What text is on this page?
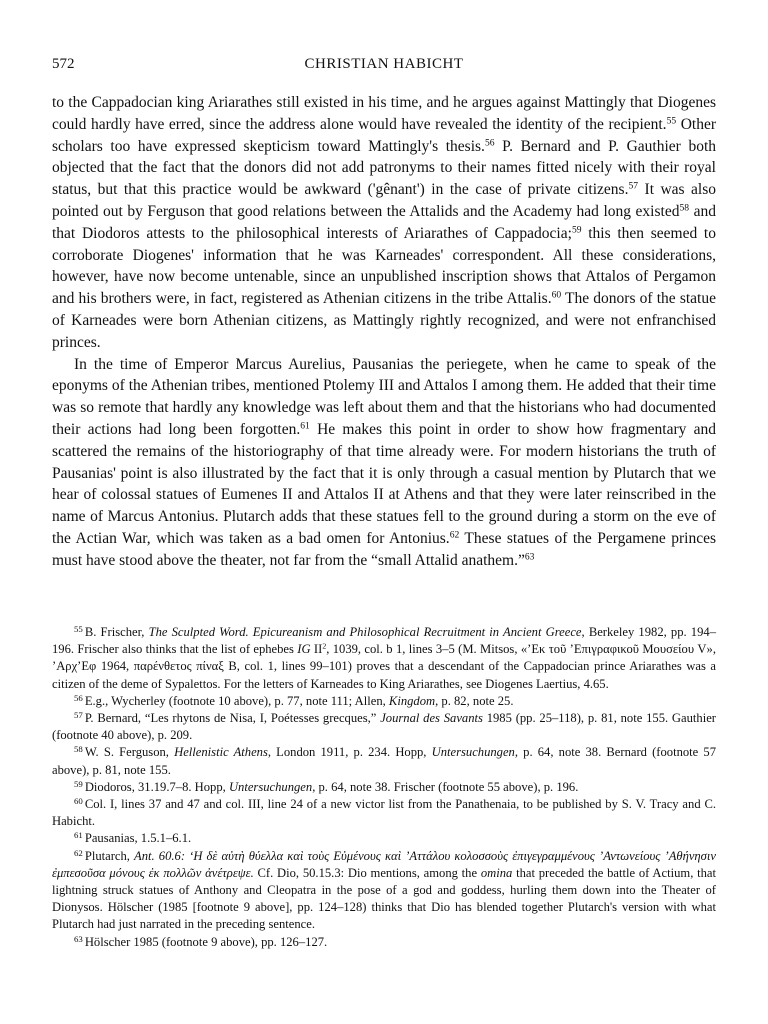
572	CHRISTIAN HABICHT

to the Cappadocian king Ariarathes still existed in his time, and he argues against Mattingly that Diogenes could hardly have erred, since the address alone would have revealed the identity of the recipient.$^{55}$ Other scholars too have expressed skepticism toward Mattingly's thesis.$^{56}$ P. Bernard and P. Gauthier both objected that the fact that the donors did not add patronyms to their names fitted nicely with their royal status, but that this practice would be awkward ('gênant') in the case of private citizens.$^{57}$ It was also pointed out by Ferguson that good relations between the Attalids and the Academy had long existed$^{58}$ and that Diodoros attests to the philosophical interests of Ariarathes of Cappadocia;$^{59}$ this then seemed to corroborate Diogenes' information that he was Karneades' correspondent. All these considerations, however, have now become untenable, since an unpublished inscription shows that Attalos of Pergamon and his brothers were, in fact, registered as Athenian citizens in the tribe Attalis.$^{60}$ The donors of the statue of Karneades were born Athenian citizens, as Mattingly rightly recognized, and were not enfranchised princes.

In the time of Emperor Marcus Aurelius, Pausanias the periegete, when he came to speak of the eponyms of the Athenian tribes, mentioned Ptolemy III and Attalos I among them. He added that their time was so remote that hardly any knowledge was left about them and that the historians who had documented their actions had long been forgotten.$^{61}$ He makes this point in order to show how fragmentary and scattered the remains of the historiography of that time already were. For modern historians the truth of Pausanias' point is also illustrated by the fact that it is only through a casual mention by Plutarch that we hear of colossal statues of Eumenes II and Attalos II at Athens and that they were later reinscribed in the name of Marcus Antonius. Plutarch adds that these statues fell to the ground during a storm on the eve of the Actian War, which was taken as a bad omen for Antonius.$^{62}$ These statues of the Pergamene princes must have stood above the theater, not far from the “small Attalid anathem.”$^{63}$

$^{55}$ B. Frischer, The Sculpted Word. Epicureanism and Philosophical Recruitment in Ancient Greece, Berkeley 1982, pp. 194–196. Frischer also thinks that the list of ephebes IG $II^2$, 1039, col. b 1, lines 3–5 (M. Mitsos, «’Εκ τοῦ ’Επιγραφικοῦ Μουσείου V», ’Αρχ’Εφ 1964, παρένθετος πίναξ B, col. 1, lines 99–101) proves that a descendant of the Cappadocian prince Ariarathes was a citizen of the deme of Sypalettos. For the letters of Karneades to King Ariarathes, see Diogenes Laertius, 4.65.

$^{56}$ E.g., Wycherley (footnote 10 above), p. 77, note 111; Allen, Kingdom, p. 82, note 25.

$^{57}$ P. Bernard, “Les rhytons de Nisa, I, Poétesses grecques,” Journal des Savants 1985 (pp. 25–118), p. 81, note 155. Gauthier (footnote 40 above), p. 209.

$^{58}$ W. S. Ferguson, Hellenistic Athens, London 1911, p. 234. Hopp, Untersuchungen, p. 64, note 38. Bernard (footnote 57 above), p. 81, note 155.

$^{59}$ Diodoros, 31.19.7–8. Hopp, Untersuchungen, p. 64, note 38. Frischer (footnote 55 above), p. 196.

$^{60}$ Col. I, lines 37 and 47 and col. III, line 24 of a new victor list from the Panathenaia, to be published by S. V. Tracy and C. Habicht.

$^{61}$ Pausanias, 1.5.1–6.1.

$^{62}$ Plutarch, Ant. 60.6: ‘Η δὲ αὐτὴ θύελλα καὶ τοὺς Εὐμένους καὶ ’Αττάλου κολοσσοὺς ἐπιγεγραμμένους ’Αντωνείους ’Αθήνησιν ἐμπεσοῦσα μόνους ἐκ πολλῶν ἀνέτρεψε. Cf. Dio, 50.15.3: Dio mentions, among the omina that preceded the battle of Actium, that lightning struck statues of Anthony and Cleopatra in the pose of a god and goddess, hurling them down into the Theater of Dionysos. Hölscher (1985 [footnote 9 above], pp. 124–128) thinks that Dio has blended together Plutarch's version with what Plutarch had just narrated in the preceding sentence.

$^{63}$ Hölscher 1985 (footnote 9 above), pp. 126–127.
